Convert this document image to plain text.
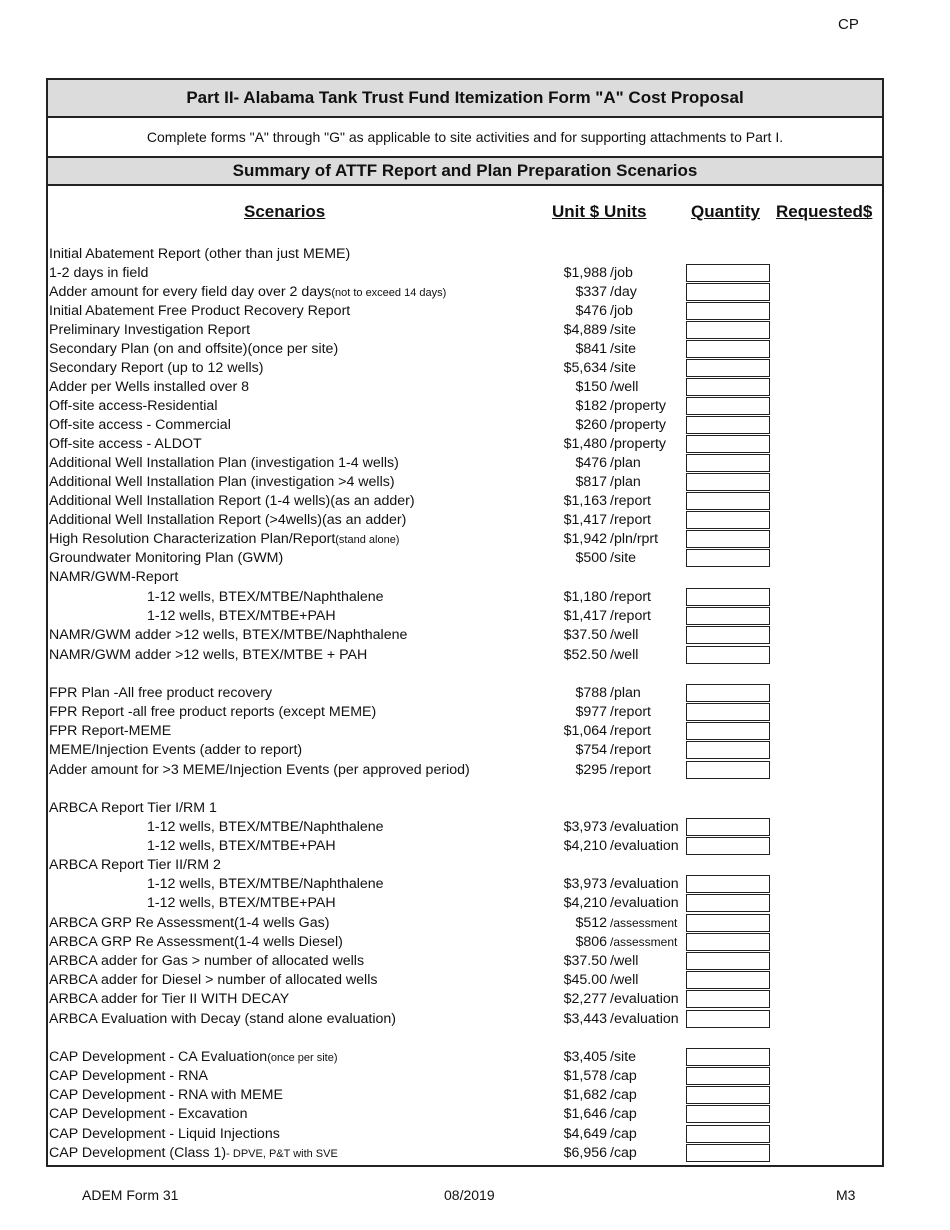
CP
Part II- Alabama Tank Trust Fund Itemization Form "A" Cost Proposal
Complete forms "A" through "G" as applicable to site activities and for supporting attachments to Part I.
Summary of ATTF Report and Plan Preparation Scenarios
Scenarios	Unit $ Units	Quantity Requested$
Initial Abatement Report (other than just MEME)
1-2 days in field	$1,988 /job
Adder amount for every field day over 2 days(not to exceed 14 days)	$337 /day
Initial Abatement Free Product Recovery Report	$476 /job
Preliminary Investigation Report	$4,889 /site
Secondary Plan (on and offsite)(once per site)	$841 /site
Secondary Report (up to 12 wells)	$5,634 /site
Adder per Wells installed over 8	$150 /well
Off-site access-Residential	$182 /property
Off-site access - Commercial	$260 /property
Off-site access - ALDOT	$1,480 /property
Additional Well Installation Plan (investigation 1-4 wells)	$476 /plan
Additional Well Installation Plan (investigation >4 wells)	$817 /plan
Additional Well Installation Report (1-4 wells)(as an adder)	$1,163 /report
Additional Well Installation Report (>4wells)(as an adder)	$1,417 /report
High Resolution Characterization Plan/Report(stand alone)	$1,942 /pln/rprt
Groundwater Monitoring Plan (GWM)	$500 /site
NAMR/GWM-Report
1-12 wells, BTEX/MTBE/Naphthalene	$1,180 /report
1-12 wells, BTEX/MTBE+PAH	$1,417 /report
NAMR/GWM adder >12 wells, BTEX/MTBE/Naphthalene	$37.50 /well
NAMR/GWM adder >12 wells, BTEX/MTBE + PAH	$52.50 /well
FPR Plan -All free product recovery	$788 /plan
FPR Report -all free product reports (except MEME)	$977 /report
FPR Report-MEME	$1,064 /report
MEME/Injection Events (adder to report)	$754 /report
Adder amount for >3 MEME/Injection Events (per approved period)	$295 /report
ARBCA Report Tier I/RM 1
1-12 wells, BTEX/MTBE/Naphthalene	$3,973 /evaluation
1-12 wells, BTEX/MTBE+PAH	$4,210 /evaluation
ARBCA Report Tier II/RM 2
1-12 wells, BTEX/MTBE/Naphthalene	$3,973 /evaluation
1-12 wells, BTEX/MTBE+PAH	$4,210 /evaluation
ARBCA GRP Re Assessment(1-4 wells Gas)	$512 /assessment
ARBCA GRP Re Assessment(1-4 wells Diesel)	$806 /assessment
ARBCA adder for Gas > number of allocated wells	$37.50 /well
ARBCA adder for Diesel > number of allocated wells	$45.00 /well
ARBCA adder for Tier II WITH DECAY	$2,277 /evaluation
ARBCA Evaluation with Decay (stand alone evaluation)	$3,443 /evaluation
CAP Development - CA Evaluation(once per site)	$3,405 /site
CAP Development - RNA	$1,578 /cap
CAP Development - RNA with MEME	$1,682 /cap
CAP Development - Excavation	$1,646 /cap
CAP Development - Liquid Injections	$4,649 /cap
CAP Development (Class 1)- DPVE, P&T with SVE	$6,956 /cap
ADEM Form 31	08/2019	M3
